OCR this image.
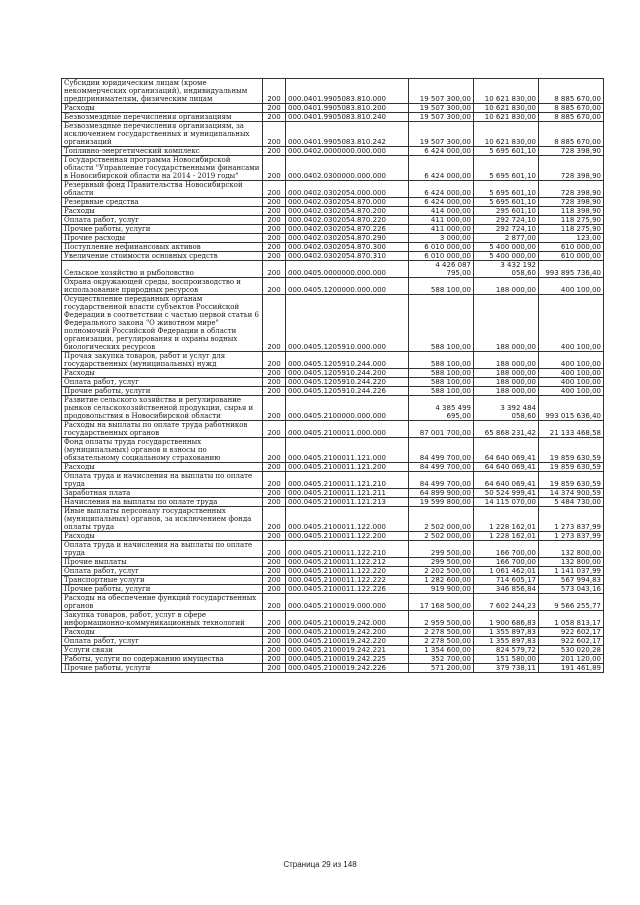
Субсидии юридическим лицам (кроме некоммерческих организаций), индивидуальным предпринимателям, физическим лицам	200	000.0401.9905083.810.000	19 507 300,00	10 621 830,00	8 885 670,00
Расходы	200	000.0401.9905083.810.200	19 507 300,00	10 621 830,00	8 885 670,00
Безвозмездные перечисления организациям	200	000.0401.9905083.810.240	19 507 300,00	10 621 830,00	8 885 670,00
Безвозмездные перечисления организациям, за исключением государственных и муниципальных организаций	200	000.0401.9905083.810.242	19 507 300,00	10 621 830,00	8 885 670,00
Топливно-энергетический комплекс	200	000.0402.0000000.000.000	6 424 000,00	5 695 601,10	728 398,90
Государственная программа Новосибирской области "Управление государственными финансами в Новосибирской области на 2014 - 2019 годы"	200	000.0402.0300000.000.000	6 424 000,00	5 695 601,10	728 398,90
Резервный фонд Правительства Новосибирской области	200	000.0402.0302054.000.000	6 424 000,00	5 695 601,10	728 398,90
Резервные средства	200	000.0402.0302054.870.000	6 424 000,00	5 695 601,10	728 398,90
Расходы	200	000.0402.0302054.870.200	414 000,00	295 601,10	118 398,90
Оплата работ, услуг	200	000.0402.0302054.870.220	411 000,00	292 724,10	118 275,90
Прочие работы, услуги	200	000.0402.0302054.870.226	411 000,00	292 724,10	118 275,90
Прочие расходы	200	000.0402.0302054.870.290	3 000,00	2 877,00	123,00
Поступление нефинансовых активов	200	000.0402.0302054.870.300	6 010 000,00	5 400 000,00	610 000,00
Увеличение стоимости основных средств	200	000.0402.0302054.870.310	6 010 000,00	5 400 000,00	610 000,00
Сельское хозяйство и рыболовство	200	000.0405.0000000.000.000	4 426 087 795,00	3 432 192 058,60	993 895 736,40
Охрана окружающей среды, воспроизводство и использование природных ресурсов	200	000.0405.1200000.000.000	588 100,00	188 000,00	400 100,00
Осуществление переданных органам государственной власти субъектов Российской Федерации в соответствии с частью первой статьи 6 Федерального закона "О животном мире" полномочий Российской Федерации в области организации, регулирования и охраны водных биологических ресурсов	200	000.0405.1205910.000.000	588 100,00	188 000,00	400 100,00
Прочая закупка товаров, работ и услуг для государственных (муниципальных) нужд	200	000.0405.1205910.244.000	588 100,00	188 000,00	400 100,00
Расходы	200	000.0405.1205910.244.200	588 100,00	188 000,00	400 100,00
Оплата работ, услуг	200	000.0405.1205910.244.220	588 100,00	188 000,00	400 100,00
Прочие работы, услуги	200	000.0405.1205910.244.226	588 100,00	188 000,00	400 100,00
Развитие сельского хозяйства и регулирование рынков сельскохозяйственной продукции, сырья и продовольствия в Новосибирской области	200	000.0405.2100000.000.000	4 385 499 695,00	3 392 484 058,60	993 015 636,40
Расходы на выплаты по оплате труда работников государственных органов	200	000.0405.2100011.000.000	87 001 700,00	65 868 231,42	21 133 468,58
Фонд оплаты труда государственных (муниципальных) органов и взносы по обязательному социальному страхованию	200	000.0405.2100011.121.000	84 499 700,00	64 640 069,41	19 859 630,59
Расходы	200	000.0405.2100011.121.200	84 499 700,00	64 640 069,41	19 859 630,59
Оплата труда и начисления на выплаты по оплате труда	200	000.0405.2100011.121.210	84 499 700,00	64 640 069,41	19 859 630,59
Заработная плата	200	000.0405.2100011.121.211	64 899 900,00	50 524 999,41	14 374 900,59
Начисления на выплаты по оплате труда	200	000.0405.2100011.121.213	19 599 800,00	14 115 070,00	5 484 730,00
Иные выплаты персоналу государственных (муниципальных) органов, за исключением фонда оплаты труда	200	000.0405.2100011.122.000	2 502 000,00	1 228 162,01	1 273 837,99
Расходы	200	000.0405.2100011.122.200	2 502 000,00	1 228 162,01	1 273 837,99
Оплата труда и начисления на выплаты по оплате труда	200	000.0405.2100011.122.210	299 500,00	166 700,00	132 800,00
Прочие выплаты	200	000.0405.2100011.122.212	299 500,00	166 700,00	132 800,00
Оплата работ, услуг	200	000.0405.2100011.122.220	2 202 500,00	1 061 462,01	1 141 037,99
Транспортные услуги	200	000.0405.2100011.122.222	1 282 600,00	714 605,17	567 994,83
Прочие работы, услуги	200	000.0405.2100011.122.226	919 900,00	346 856,84	573 043,16
Расходы на обеспечение функций государственных органов	200	000.0405.2100019.000.000	17 168 500,00	7 602 244,23	9 566 255,77
Закупка товаров, работ, услуг в сфере информационно-коммуникационных технологий	200	000.0405.2100019.242.000	2 959 500,00	1 900 686,83	1 058 813,17
Расходы	200	000.0405.2100019.242.200	2 278 500,00	1 355 897,83	922 602,17
Оплата работ, услуг	200	000.0405.2100019.242.220	2 278 500,00	1 355 897,83	922 602,17
Услуги связи	200	000.0405.2100019.242.221	1 354 600,00	824 579,72	530 020,28
Работы, услуги по содержанию имущества	200	000.0405.2100019.242.225	352 700,00	151 580,00	201 120,00
Прочие работы, услуги	200	000.0405.2100019.242.226	571 200,00	379 738,11	191 461,89
Страница 29 из 148
